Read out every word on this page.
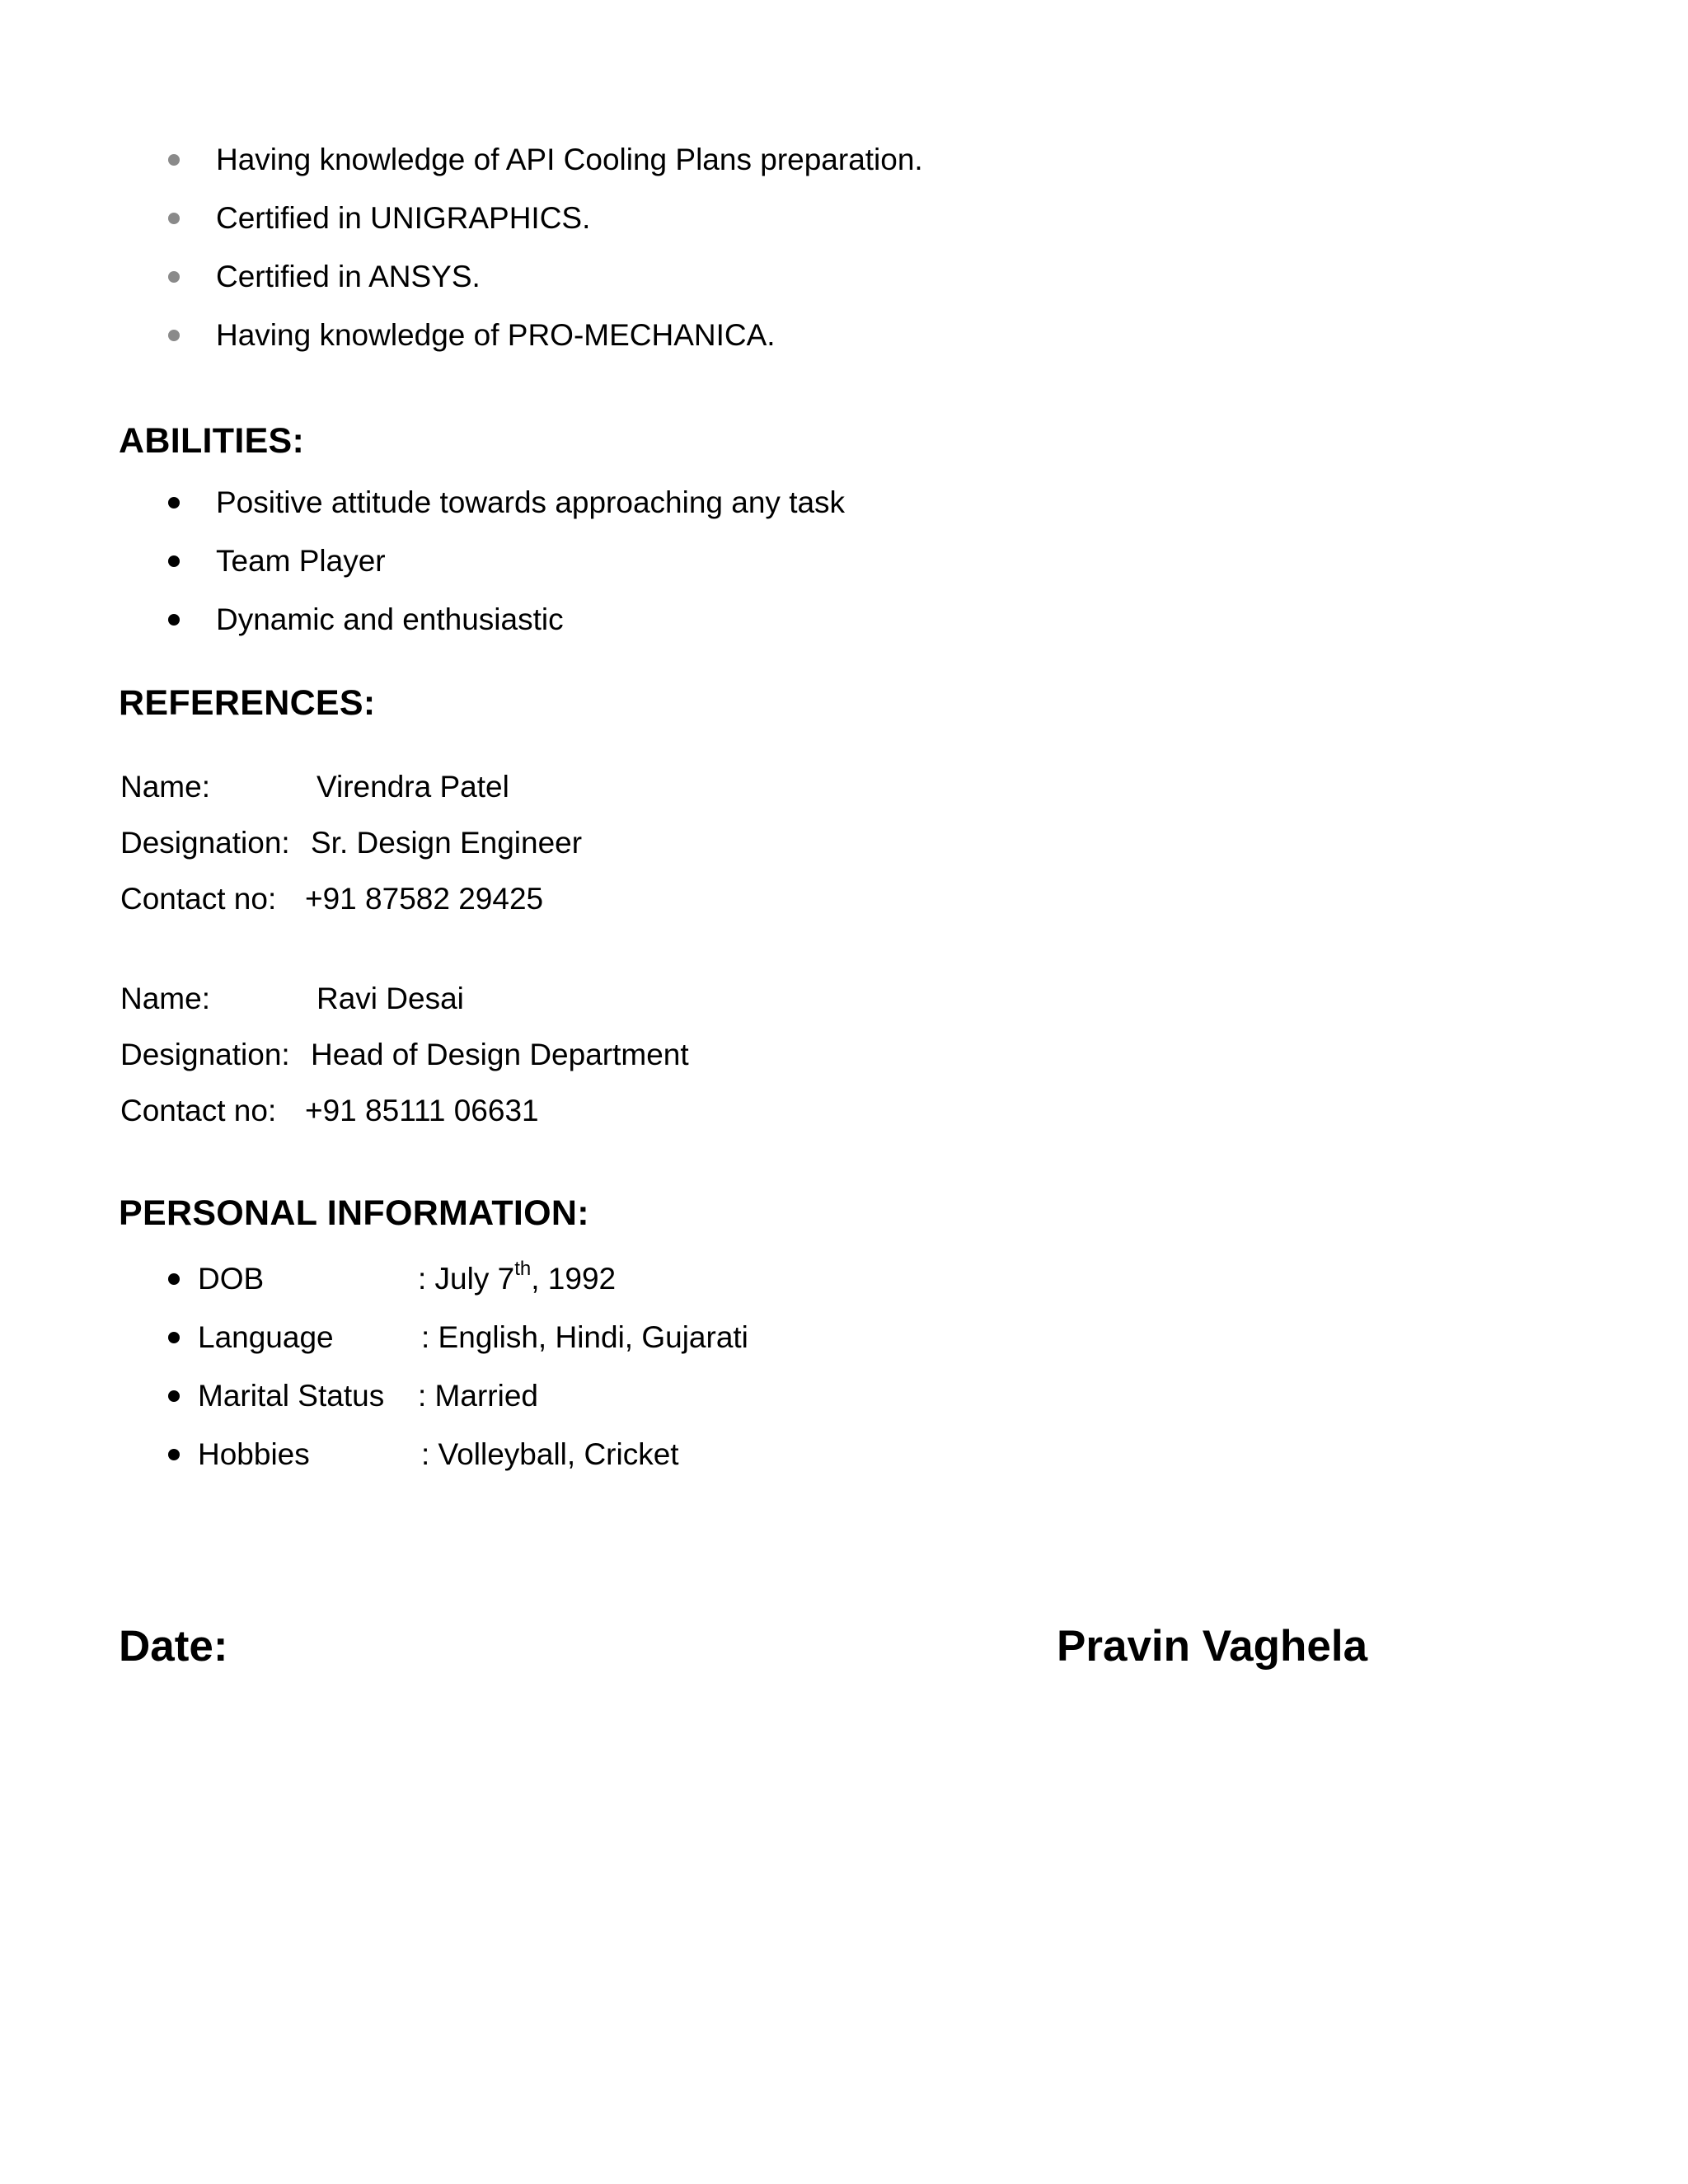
Having knowledge of API Cooling Plans preparation.
Certified in UNIGRAPHICS.
Certified in ANSYS.
Having knowledge of PRO-MECHANICA.
ABILITIES:
Positive attitude towards approaching any task
Team Player
Dynamic and enthusiastic
REFERENCES:
Name:	Virendra Patel
Designation: Sr. Design Engineer
Contact no: +91 87582 29425
Name:	Ravi Desai
Designation: Head of Design Department
Contact no: +91 85111 06631
PERSONAL INFORMATION:
DOB	: July 7th, 1992
Language	: English, Hindi, Gujarati
Marital Status : Married
Hobbies	: Volleyball, Cricket
Date:	Pravin Vaghela
